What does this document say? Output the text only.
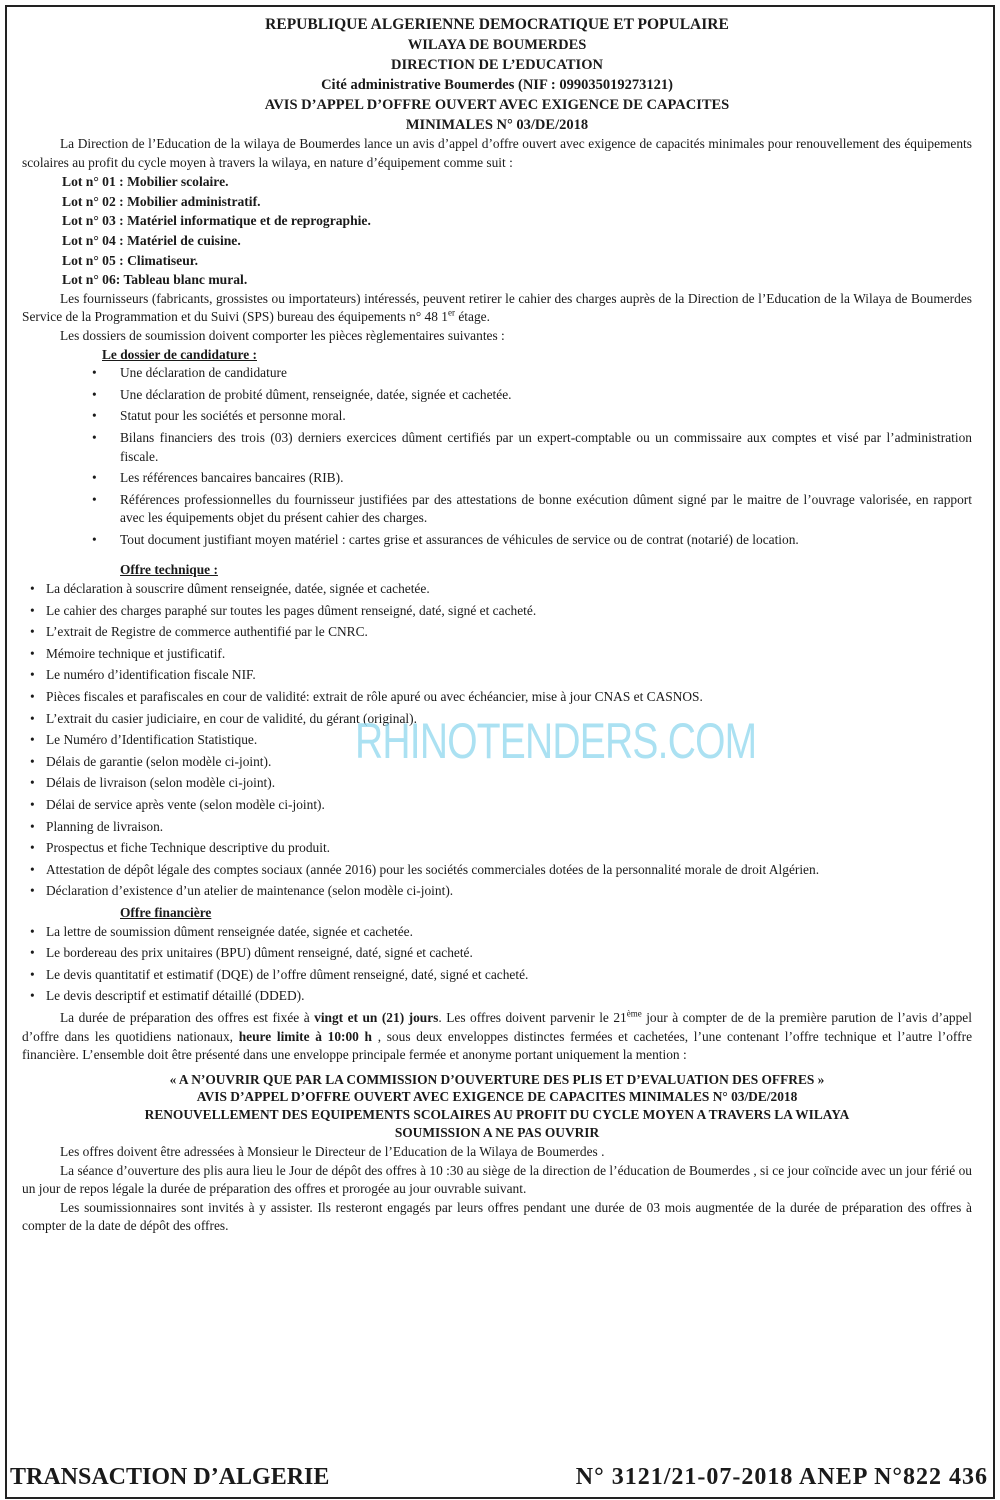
REPUBLIQUE ALGERIENNE DEMOCRATIQUE ET POPULAIRE

WILAYA DE BOUMERDES

DIRECTION DE L’EDUCATION

Cité administrative Boumerdes (NIF : 099035019273121)

AVIS D’APPEL D’OFFRE OUVERT AVEC EXIGENCE DE CAPACITES

MINIMALES N° 03/DE/2018

La Direction de l’Education de la wilaya de Boumerdes lance un avis d’appel d’offre ouvert avec exigence de capacités minimales pour renouvellement des équipements scolaires au profit du cycle moyen à travers la wilaya, en nature d’équipement comme suit :

Lot n° 01 : Mobilier scolaire.

Lot n° 02 : Mobilier administratif.

Lot n° 03 : Matériel informatique et de reprographie.

Lot n° 04 : Matériel de cuisine.

Lot n° 05 : Climatiseur.

Lot n° 06: Tableau blanc mural.

Les fournisseurs (fabricants, grossistes ou importateurs) intéressés, peuvent retirer le cahier des charges auprès de la Direction de l’Education de la Wilaya de Boumerdes Service de la Programmation et du Suivi (SPS) bureau des équipements n° 48 1er étage.

Les dossiers de soumission doivent comporter les pièces règlementaires suivantes :

Le dossier de candidature :

• Une déclaration de candidature
• Une déclaration de probité dûment, renseignée, datée, signée et cachetée.
• Statut pour les sociétés et personne moral.
• Bilans financiers des trois (03) derniers exercices dûment certifiés par un expert-comptable ou un commissaire aux comptes et visé par l’administration fiscale.
• Les références bancaires bancaires (RIB).
• Références professionnelles du fournisseur justifiées par des attestations de bonne exécution dûment signé par le maitre de l’ouvrage valorisée, en rapport avec les équipements objet du présent cahier des charges.
• Tout document justifiant moyen matériel : cartes grise et assurances de véhicules de service ou de contrat (notarié) de location.

Offre technique :

• La déclaration à souscrire dûment renseignée, datée, signée et cachetée.
• Le cahier des charges paraphé sur toutes les pages dûment renseigné, daté, signé et cacheté.
• L’extrait de Registre de commerce authentifié par le CNRC.
• Mémoire technique et justificatif.
• Le numéro d’identification fiscale NIF.
• Pièces fiscales et parafiscales en cour de validité: extrait de rôle apuré ou avec échéancier, mise à jour CNAS et CASNOS.
• L’extrait du casier judiciaire, en cour de validité, du gérant (original).
• Le Numéro d’Identification Statistique.
• Délais de garantie (selon modèle ci-joint).
• Délais de livraison (selon modèle ci-joint).
• Délai de service après vente (selon modèle ci-joint).
• Planning de livraison.
• Prospectus et fiche Technique descriptive du produit.
• Attestation de dépôt légale des comptes sociaux (année 2016) pour les sociétés commerciales dotées de la personnalité morale de droit Algérien.
• Déclaration d’existence d’un atelier de maintenance (selon modèle ci-joint).

Offre financière

• La lettre de soumission dûment renseignée datée, signée et cachetée.
• Le bordereau des prix unitaires (BPU) dûment renseigné, daté, signé et cacheté.
• Le devis quantitatif et estimatif (DQE) de l’offre dûment renseigné, daté, signé et cacheté.
• Le devis descriptif et estimatif détaillé (DDED).

La durée de préparation des offres est fixée à vingt et un (21) jours. Les offres doivent parvenir le 21ème jour à compter de de la première parution de l’avis d’appel d’offre dans les quotidiens nationaux, heure limite à 10:00 h , sous deux enveloppes distinctes fermées et cachetées, l’une contenant l’offre technique et l’autre l’offre financière. L’ensemble doit être présenté dans une enveloppe principale fermée et anonyme portant uniquement la mention :

« A N’OUVRIR QUE PAR LA COMMISSION D’OUVERTURE DES PLIS ET D’EVALUATION DES OFFRES »
AVIS D’APPEL D’OFFRE OUVERT AVEC EXIGENCE DE CAPACITES MINIMALES N° 03/DE/2018
RENOUVELLEMENT DES EQUIPEMENTS SCOLAIRES AU PROFIT DU CYCLE MOYEN A TRAVERS LA WILAYA
SOUMISSION A NE PAS OUVRIR

Les offres doivent être adressées à Monsieur le Directeur de l’Education de la Wilaya de Boumerdes .

La séance d’ouverture des plis aura lieu le Jour de dépôt des offres à 10 :30 au siège de la direction de l’éducation de Boumerdes , si ce jour coïncide avec un jour férié ou un jour de repos légale la durée de préparation des offres et prorogée au jour ouvrable suivant.

Les soumissionnaires sont invités à y assister. Ils resteront engagés par leurs offres pendant une durée de 03 mois augmentée de la durée de préparation des offres à compter de la date de dépôt des offres.

RHINOTENDERS.COM
TRANSACTION D’ALGERIE	N° 3121/21-07-2018 ANEP N°822 436
